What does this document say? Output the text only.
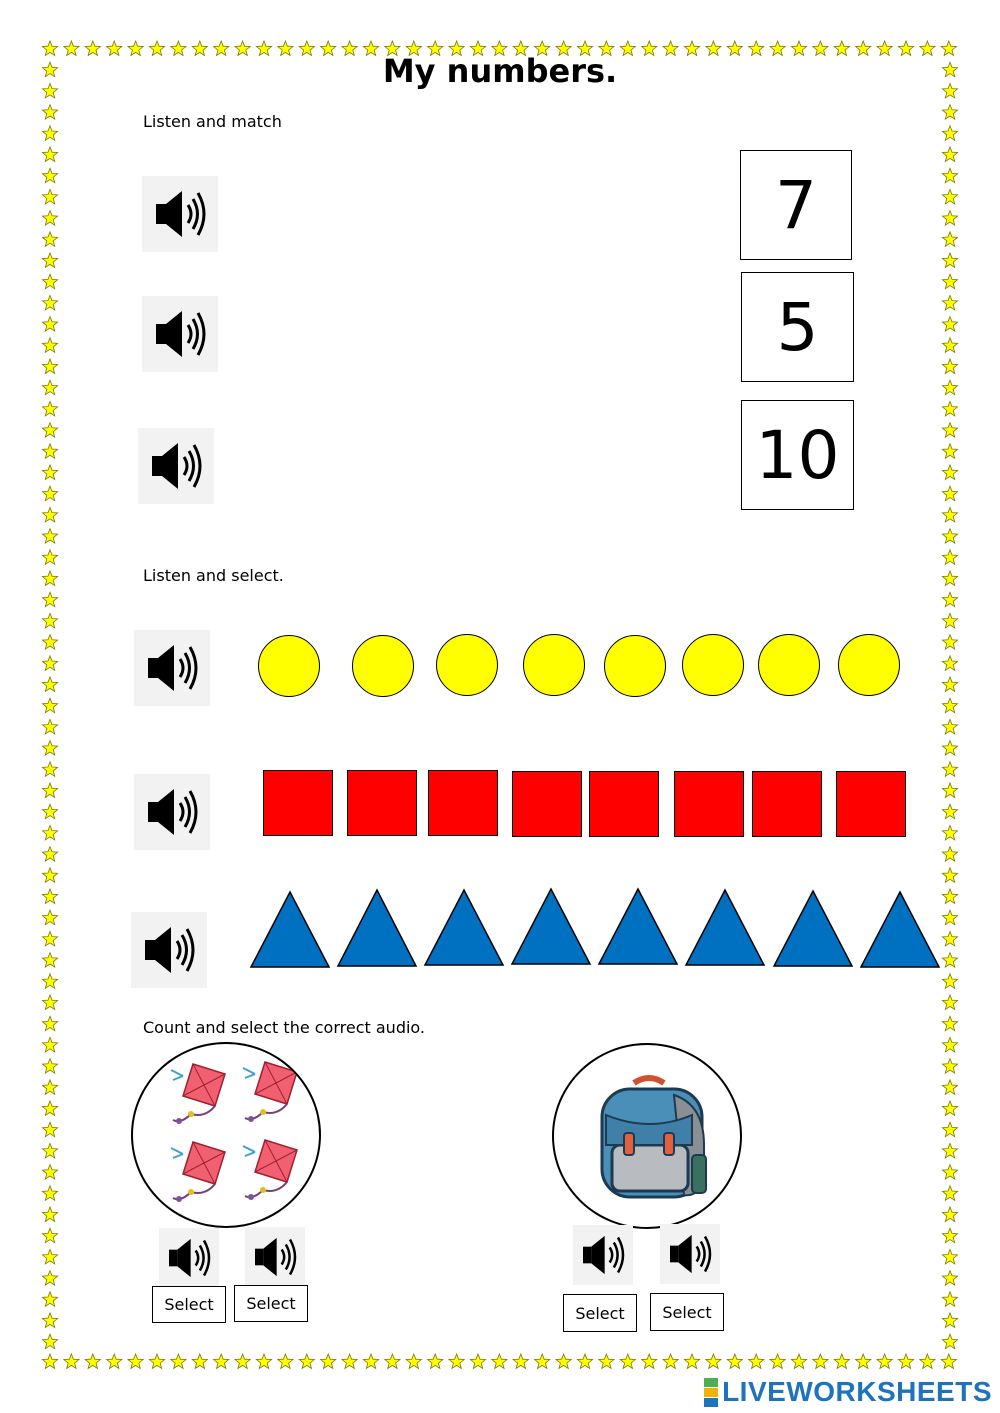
My numbers.
Listen and match
7
5
10
Listen and select.
Count and select the correct audio.
Select	Select	Select	Select
LIVEWORKSHEETS
